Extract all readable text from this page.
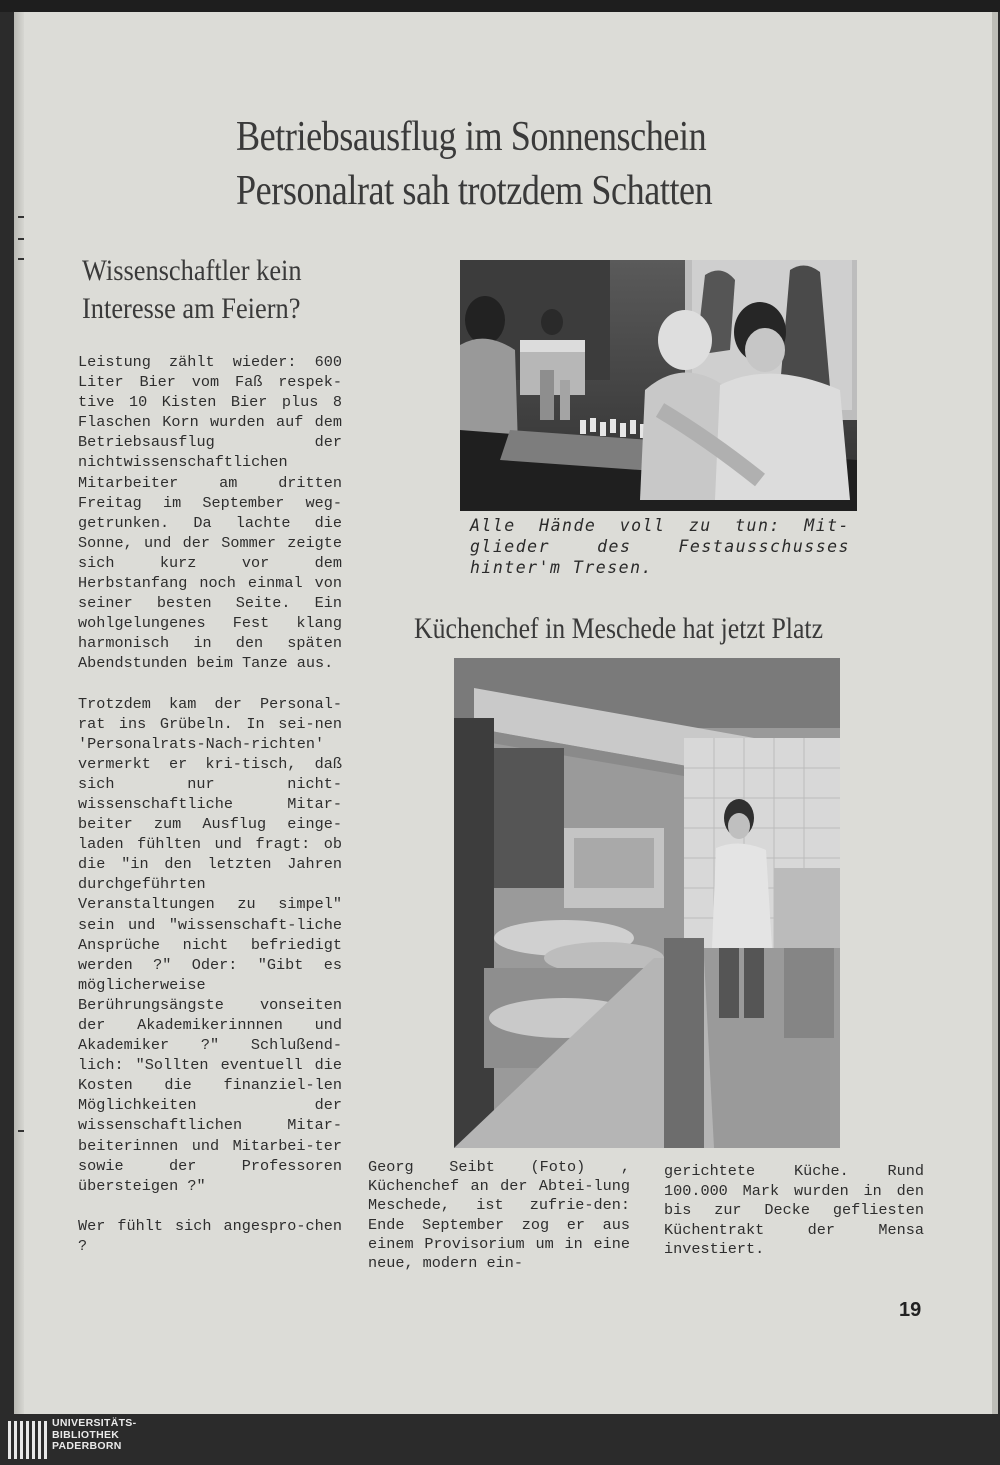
Betriebsausflug im Sonnenschein
Personalrat sah trotzdem Schatten
Wissenschaftler kein
Interesse am Feiern?

Leistung zählt wieder: 600 Liter Bier vom Faß respek-tive 10 Kisten Bier plus 8 Flaschen Korn wurden auf dem Betriebsausflug der nichtwissenschaftlichen Mitarbeiter am dritten Freitag im September weg-getrunken. Da lachte die Sonne, und der Sommer zeigte sich kurz vor dem Herbstanfang noch einmal von seiner besten Seite. Ein wohlgelungenes Fest klang harmonisch in den späten Abendstunden beim Tanze aus.

Trotzdem kam der Personal-rat ins Grübeln. In sei-nen 'Personalrats-Nach-richten' vermerkt er kri-tisch, daß sich nur nicht-wissenschaftliche Mitar-beiter zum Ausflug einge-laden fühlten und fragt: ob die "in den letzten Jahren durchgeführten Veranstaltungen zu simpel" sein und "wissenschaft-liche Ansprüche nicht befriedigt werden ?" Oder: "Gibt es möglicherweise Berührungsängste vonseiten der Akademikerinnnen und Akademiker ?" Schlußend-lich: "Sollten eventuell die Kosten die finanziel-len Möglichkeiten der wissenschaftlichen Mitar-beiterinnen und Mitarbei-ter sowie der Professoren übersteigen ?"

Wer fühlt sich angespro-chen ?

Alle Hände voll zu tun: Mit-glieder des Festausschusses hinter'm Tresen.
Küchenchef in Meschede hat jetzt Platz
Georg Seibt (Foto) , Küchenchef an der Abtei-lung Meschede, ist zufrie-den: Ende September zog er aus einem Provisorium um in eine neue, modern ein-
gerichtete Küche. Rund 100.000 Mark wurden in den bis zur Decke gefliesten Küchentrakt der Mensa investiert.
19
UNIVERSITÄTS-
BIBLIOTHEK
PADERBORN
